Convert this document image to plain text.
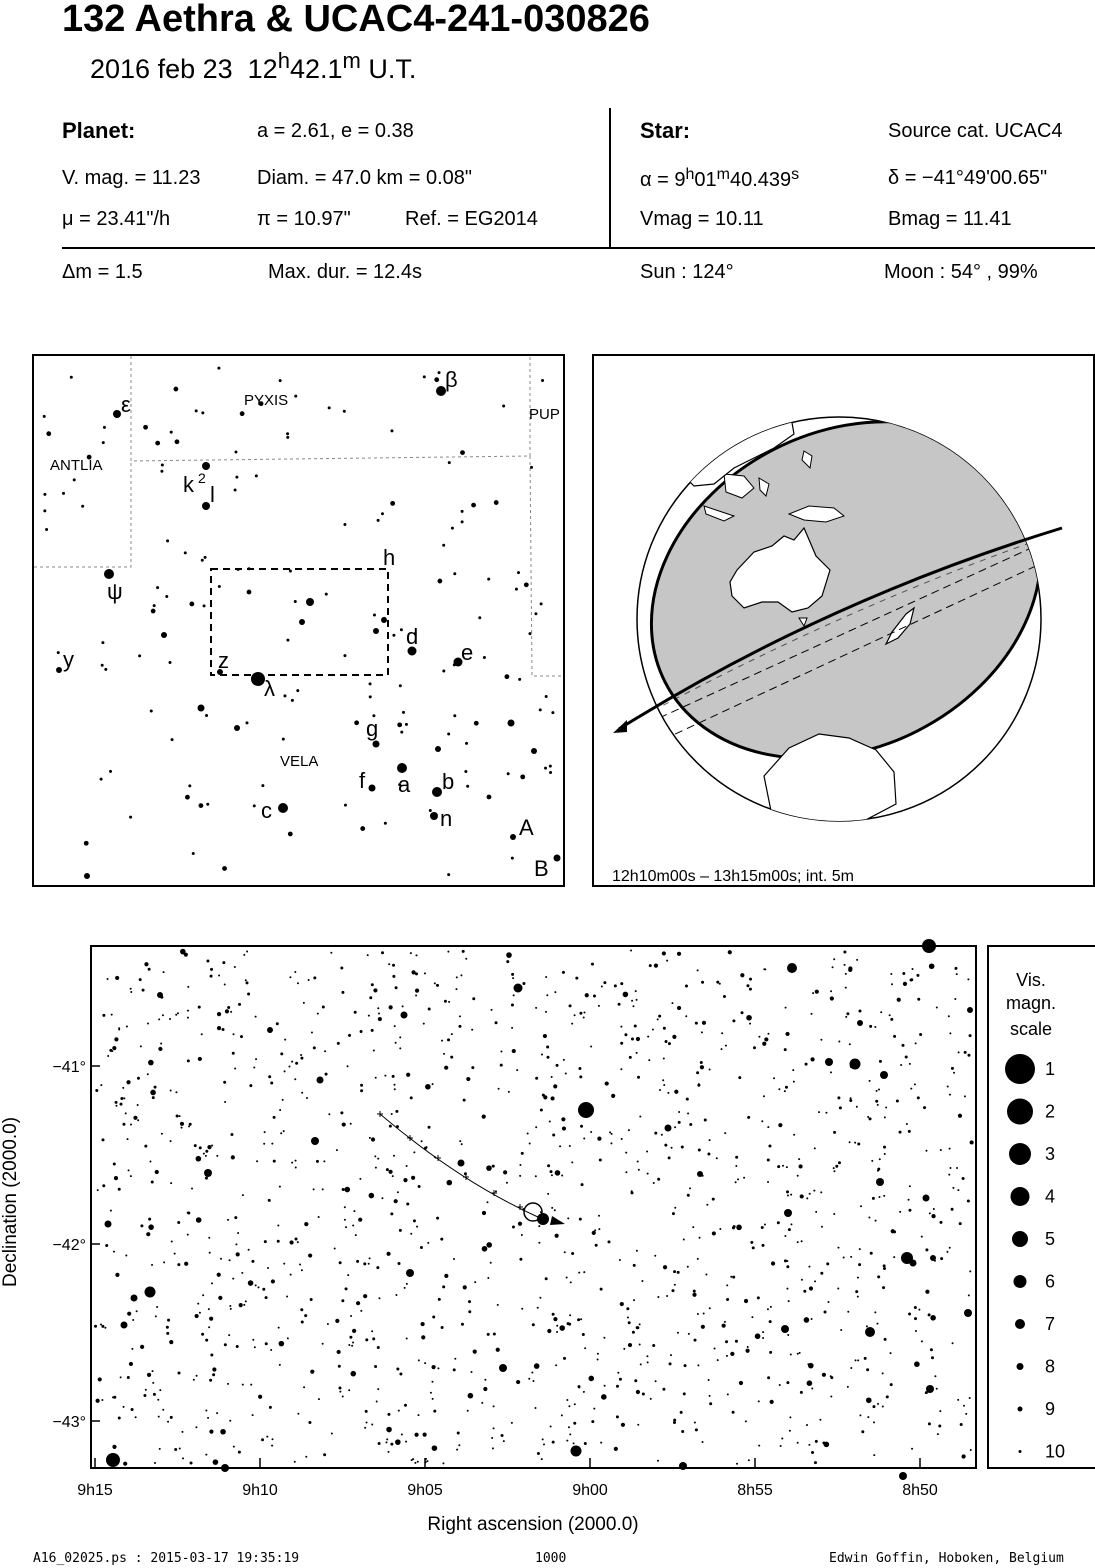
132 Aethra & UCAC4-241-030826
2016 feb 23 12$^h$42.1$^m$ U.T.
Planet:	a = 2.61, e = 0.38
V. mag. = 11.23	Diam. = 47.0 km = 0.08"
μ = 23.41"/h	π = 10.97"	Ref. = EG2014
Star:	Source cat. UCAC4
$\alpha = 9^h01^m40.439^s$	δ = −41°49'00.65"
Vmag = 10.11	Bmag = 11.41
Δm = 1.5	Max. dur. = 12.4s	Sun : 124°	Moon : 54° , 99%
PYXIS
ANTLIA
PUP
VELA
ε
β
k 2
l
ψ
h
d
e
y	z
λ
g
f a b
c	n	A
B	12h10m00s – 13h15m00s; int. 5m
−41°
−42°
−43°
9h15	9h10	9h05	9h00	8h55	8h50
Right ascension (2000.0)
Declination (2000.0)
Vis.
magn.
scale
1
2
3
4
5
6
7
8
9
10
A16_02025.ps : 2015-03-17 19:35:19	1000	Edwin Goffin, Hoboken, Belgium
